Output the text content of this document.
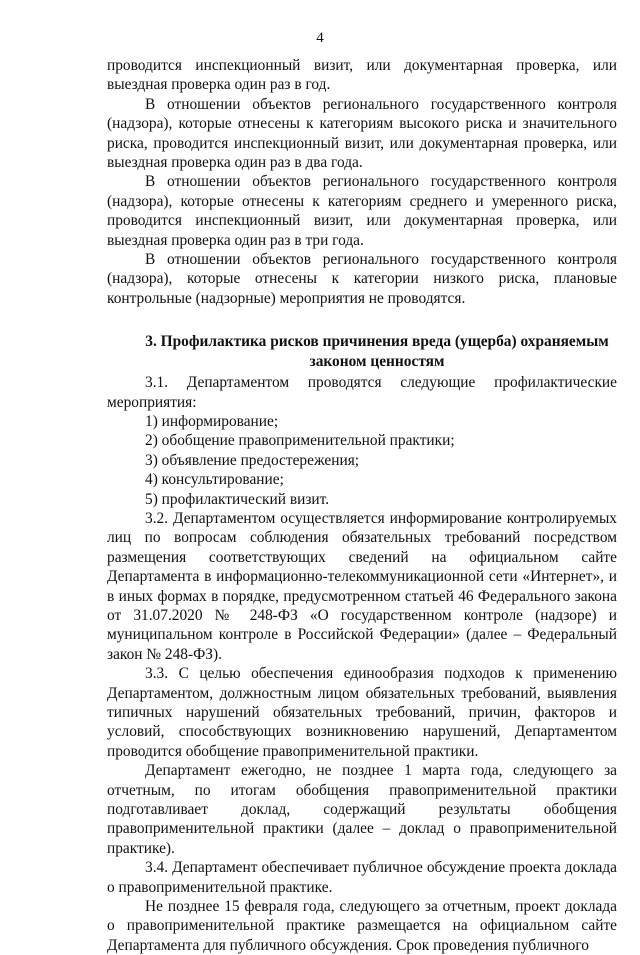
4

проводится инспекционный визит, или документарная проверка, или выездная проверка один раз в год.

В отношении объектов регионального государственного контроля (надзора), которые отнесены к категориям высокого риска и значительного риска, проводится инспекционный визит, или документарная проверка, или выездная проверка один раз в два года.

В отношении объектов регионального государственного контроля (надзора), которые отнесены к категориям среднего и умеренного риска, проводится инспекционный визит, или документарная проверка, или выездная проверка один раз в три года.

В отношении объектов регионального государственного контроля (надзора), которые отнесены к категории низкого риска, плановые контрольные (надзорные) мероприятия не проводятся.

3. Профилактика рисков причинения вреда (ущерба) охраняемым законом ценностям

3.1. Департаментом проводятся следующие профилактические мероприятия:

1) информирование;

2) обобщение правоприменительной практики;

3) объявление предостережения;

4) консультирование;

5) профилактический визит.

3.2. Департаментом осуществляется информирование контролируемых лиц по вопросам соблюдения обязательных требований посредством размещения соответствующих сведений на официальном сайте Департамента в информационно-телекоммуникационной сети «Интернет», и в иных формах в порядке, предусмотренном статьей 46 Федерального закона от 31.07.2020 № 248-ФЗ «О государственном контроле (надзоре) и муниципальном контроле в Российской Федерации» (далее – Федеральный закон № 248-ФЗ).

3.3. С целью обеспечения единообразия подходов к применению Департаментом, должностным лицом обязательных требований, выявления типичных нарушений обязательных требований, причин, факторов и условий, способствующих возникновению нарушений, Департаментом проводится обобщение правоприменительной практики.

Департамент ежегодно, не позднее 1 марта года, следующего за отчетным, по итогам обобщения правоприменительной практики подготавливает доклад, содержащий результаты обобщения правоприменительной практики (далее – доклад о правоприменительной практике).

3.4. Департамент обеспечивает публичное обсуждение проекта доклада о правоприменительной практике.

Не позднее 15 февраля года, следующего за отчетным, проект доклада о правоприменительной практике размещается на официальном сайте Департамента для публичного обсуждения. Срок проведения публичного
